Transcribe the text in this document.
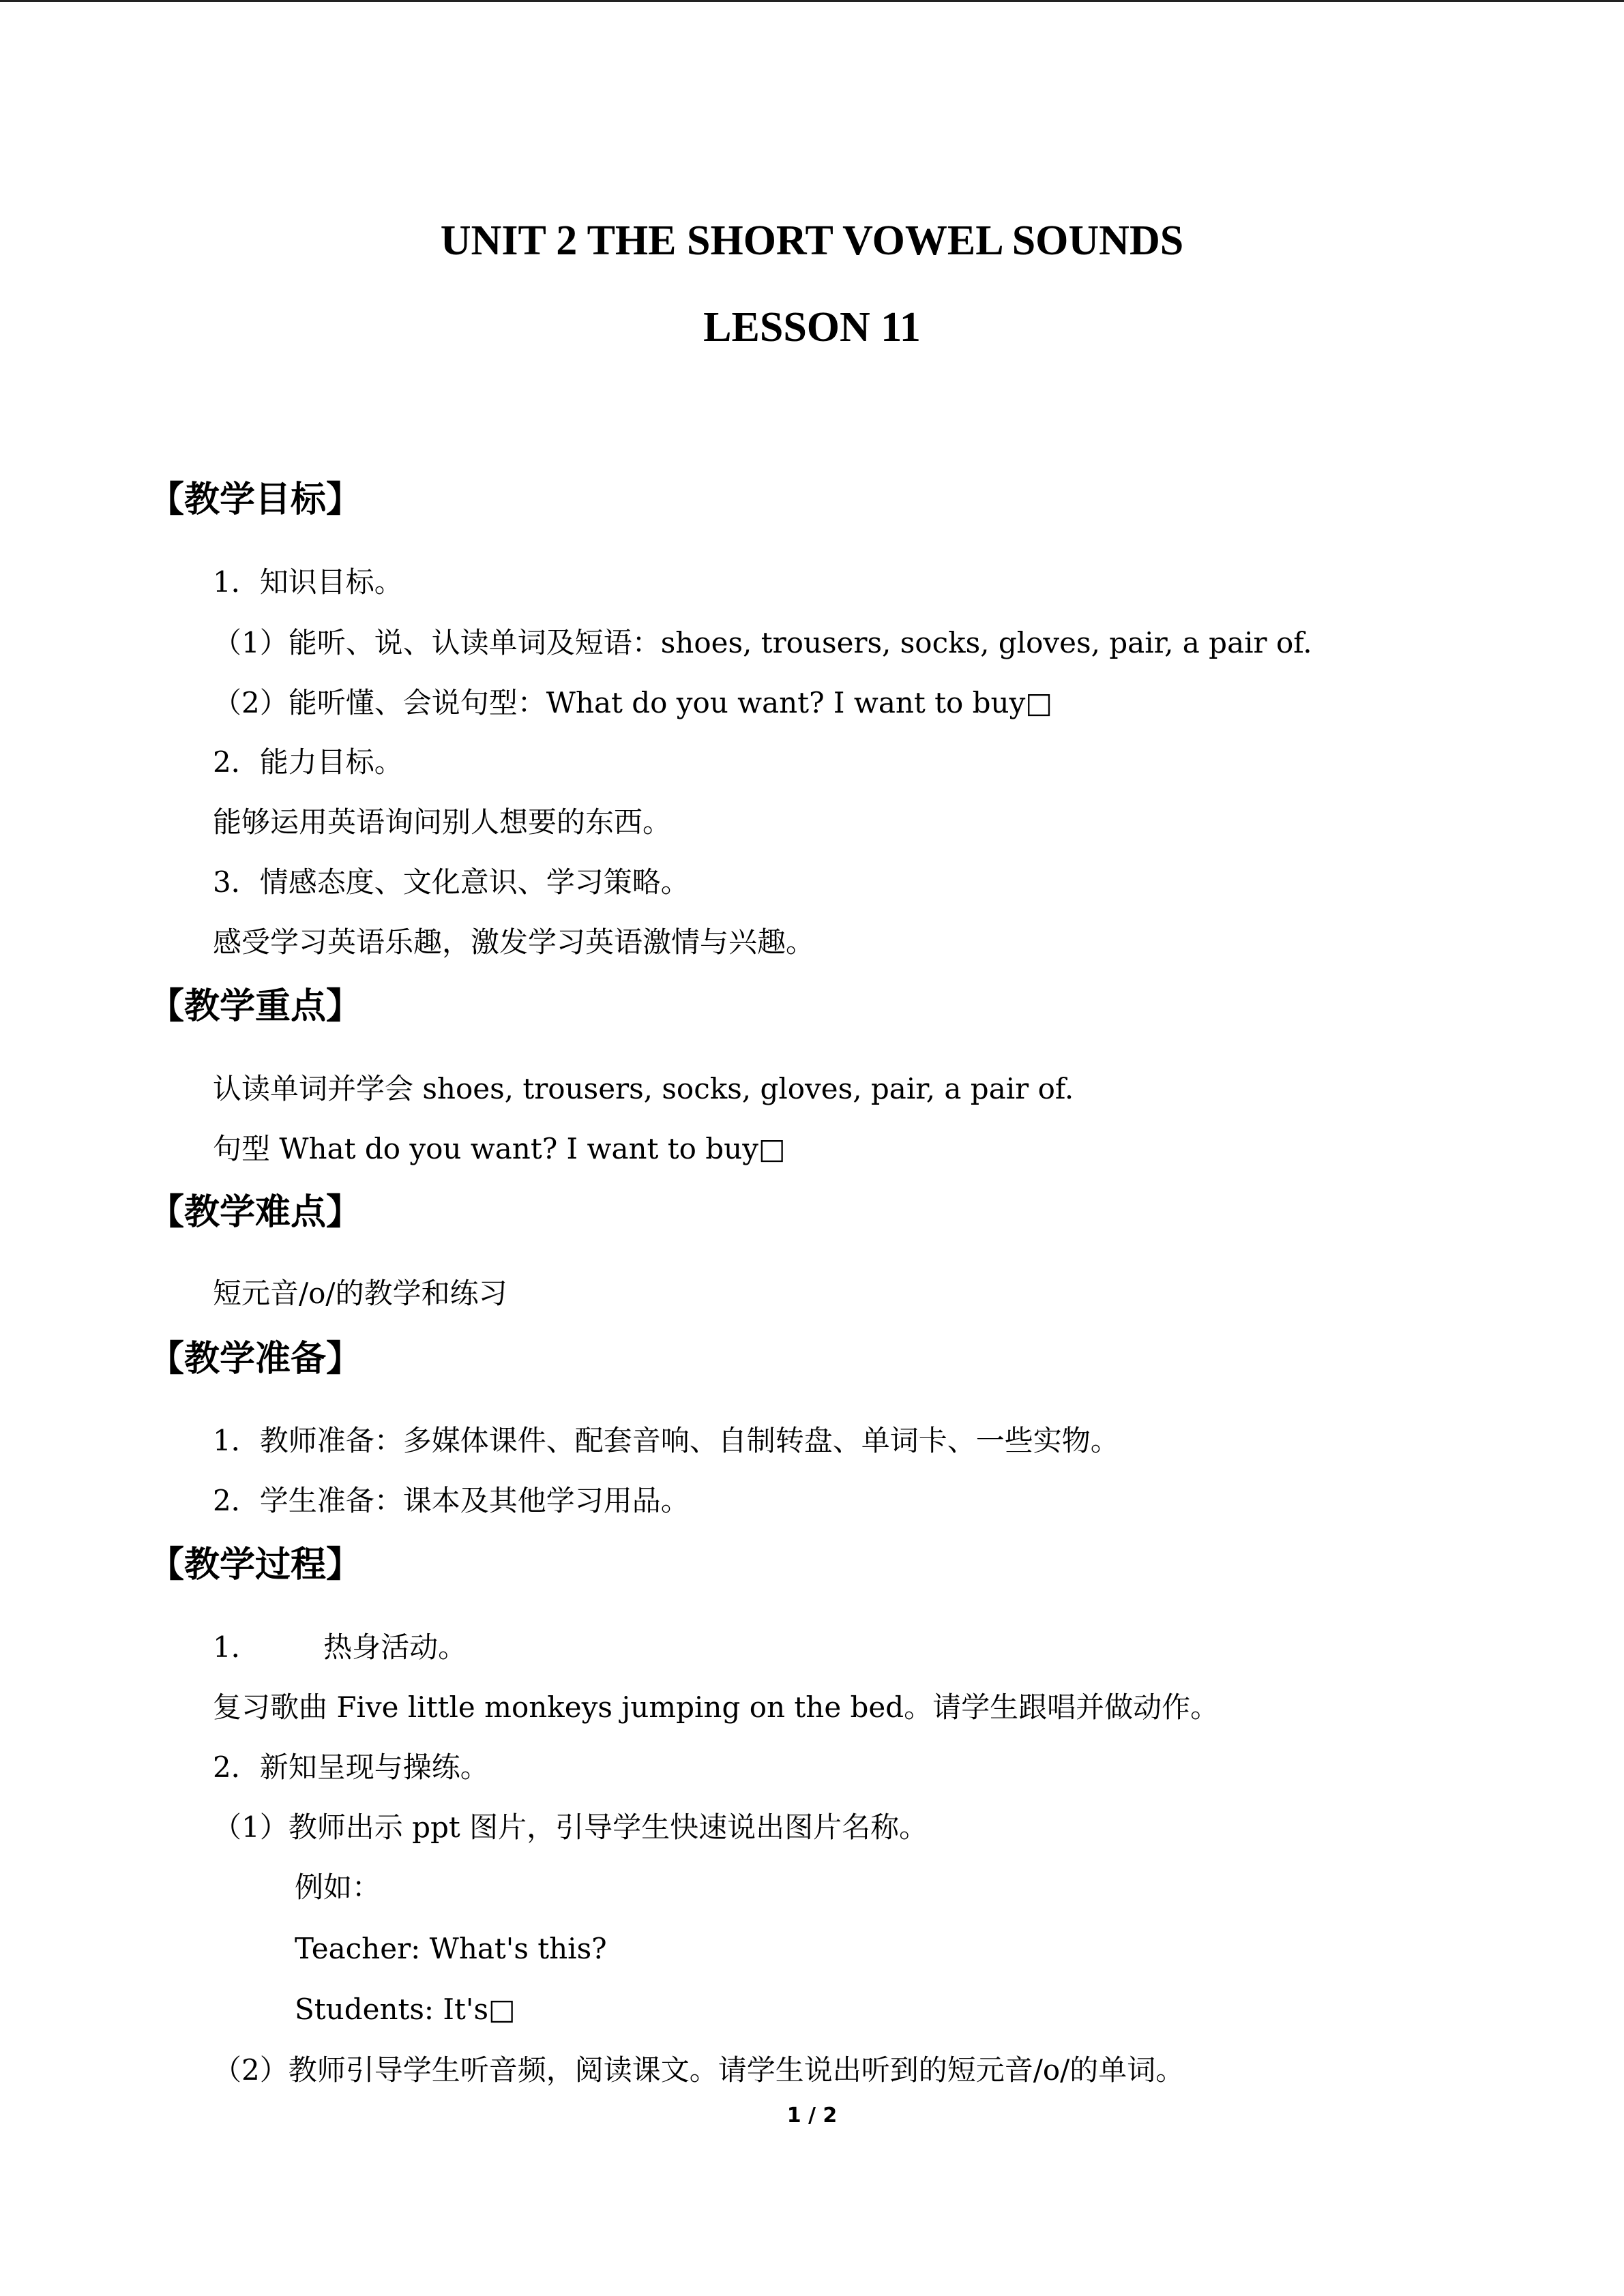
UNIT 2 THE SHORT VOWEL SOUNDS
LESSON 11
【教学目标】
1．知识目标。
（1）能听、说、认读单词及短语：shoes, trousers, socks, gloves, pair, a pair of.
（2）能听懂、会说句型：What do you want? I want to buy□
2．能力目标。
能够运用英语询问别人想要的东西。
3．情感态度、文化意识、学习策略。
感受学习英语乐趣，激发学习英语激情与兴趣。
【教学重点】
认读单词并学会 shoes, trousers, socks, gloves, pair, a pair of.
句型 What do you want? I want to buy□
【教学难点】
短元音/o/的教学和练习
【教学准备】
1．教师准备：多媒体课件、配套音响、自制转盘、单词卡、一些实物。
2．学生准备：课本及其他学习用品。
【教学过程】
1．       热身活动。
复习歌曲 Five little monkeys jumping on the bed。请学生跟唱并做动作。
2．新知呈现与操练。
（1）教师出示 ppt 图片，引导学生快速说出图片名称。
例如：
Teacher: What's this?
Students: It's□
（2）教师引导学生听音频，阅读课文。请学生说出听到的短元音/o/的单词。
1 / 2
